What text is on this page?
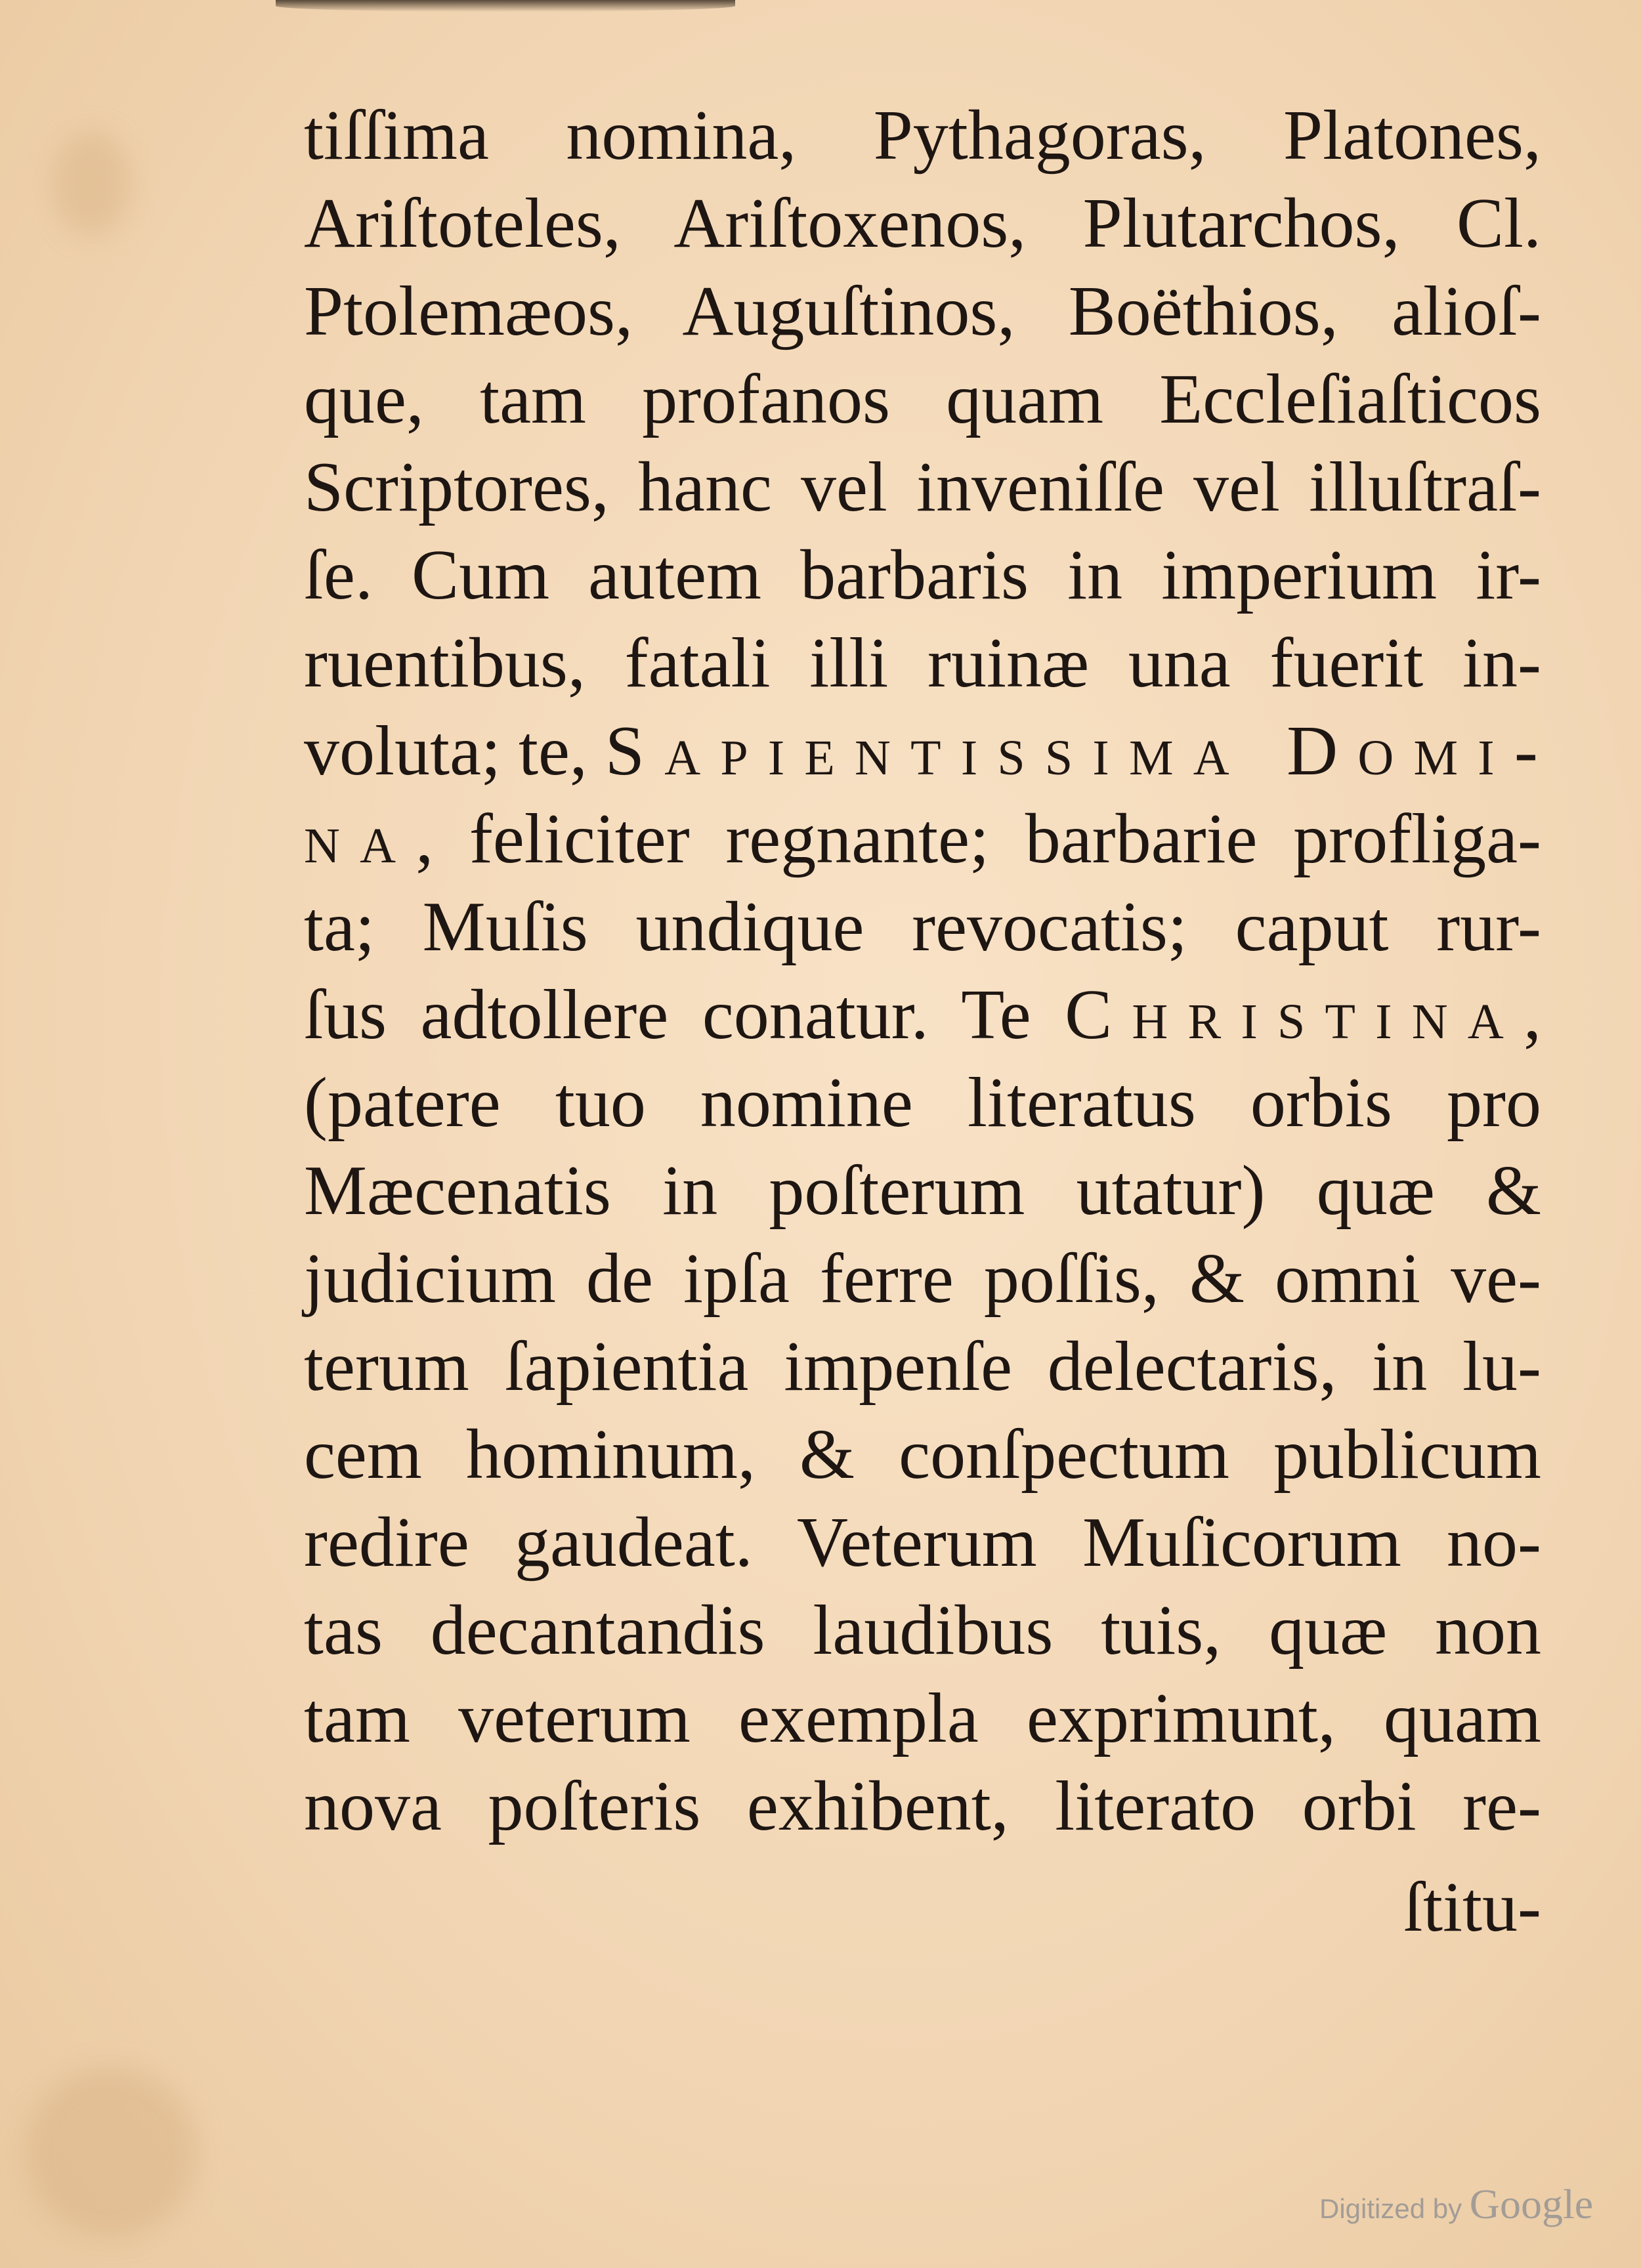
tiſſima nomina, Pythagoras, Platones,
Ariſtoteles, Ariſtoxenos, Plutarchos, Cl.
Ptolemæos, Auguſtinos, Boëthios, alioſ-
que, tam profanos quam Eccleſiaſticos
Scriptores, hanc vel inveniſſe vel illuſtraſ-
ſe. Cum autem barbaris in imperium ir-
ruentibus, fatali illi ruinæ una fuerit in-
voluta; te, Sapientissima Domi-
na, feliciter regnante; barbarie profliga-
ta; Muſis undique revocatis; caput rur-
ſus adtollere conatur. Te Christina,
(patere tuo nomine literatus orbis pro
Mæcenatis in poſterum utatur) quæ &
judicium de ipſa ferre poſſis, & omni ve-
terum ſapientia impenſe delectaris, in lu-
cem hominum, & conſpectum publicum
redire gaudeat. Veterum Muſicorum no-
tas decantandis laudibus tuis, quæ non
tam veterum exempla exprimunt, quam
nova poſteris exhibent, literato orbi re-
ſtitu-
Digitized by Google
